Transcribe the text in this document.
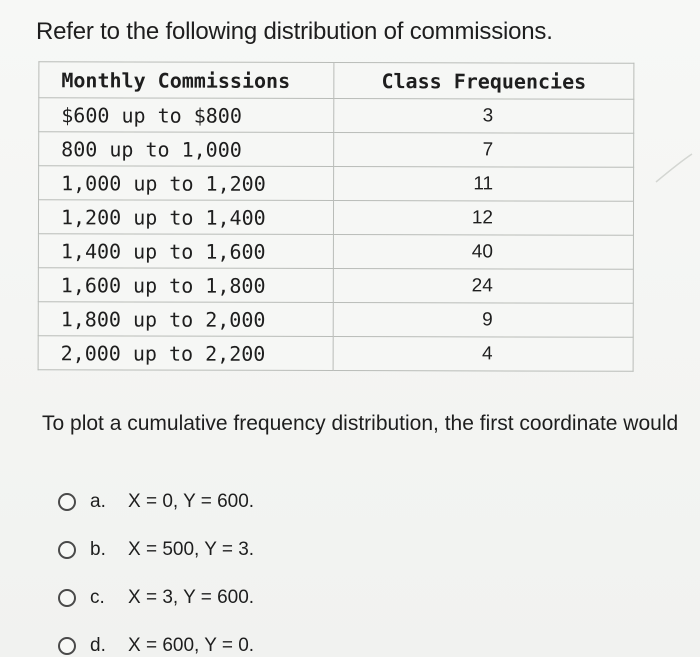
Refer to the following distribution of commissions.
Monthly Commissions	Class Frequencies
$600 up to $800	3
800 up to 1,000	7
1,000 up to 1,200	11
1,200 up to 1,400	12
1,400 up to 1,600	40
1,600 up to 1,800	24
1,800 up to 2,000	9
2,000 up to 2,200	4
To plot a cumulative frequency distribution, the first coordinate would
a.	X = 0, Y = 600.
b.	X = 500, Y = 3.
c.	X = 3, Y = 600.
d.	X = 600, Y = 0.
